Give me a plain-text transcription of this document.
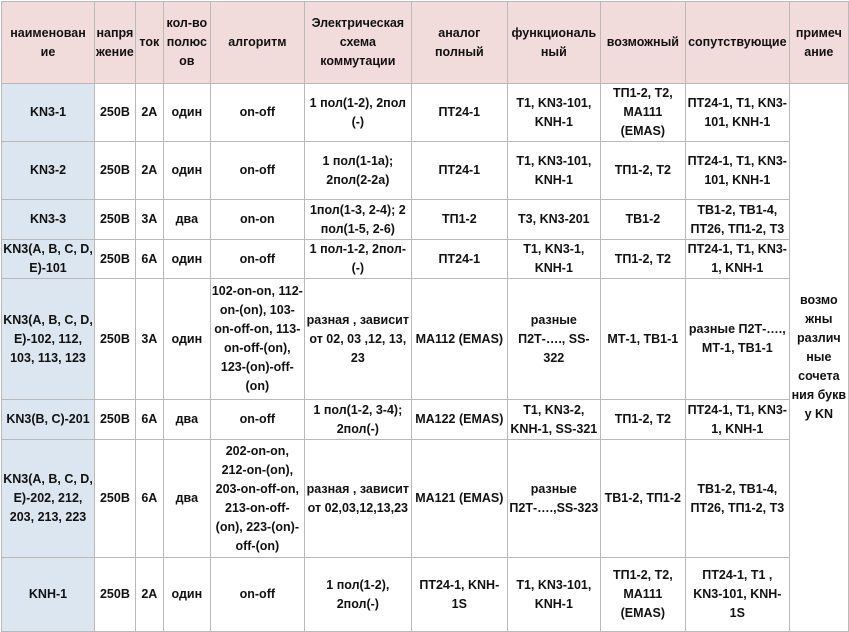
наименован ие	напря жение	ток	кол-во полюс ов	алгоритм	Электрическая схема коммутации	аналог полный	функциональ ный	возможный	сопутствующие	примеч ание
KN3-1	250В	2А	один	on-off	1 пол(1-2), 2пол (-)	ПТ24-1	T1, KN3-101, KNH-1	ТП1-2, Т2, MA111 (EMAS)	ПТ24-1, T1, KN3-101, KNH-1	возмо жны различ ные сочета ния букв у KN
KN3-2	250В	2А	один	on-off	1 пол(1-1а); 2пол(2-2а)	ПТ24-1	T1, KN3-101, KNH-1	ТП1-2, Т2	ПТ24-1, T1, KN3-101, KNH-1	
KN3-3	250В	3А	два	on-on	1пол(1-3, 2-4); 2 пол(1-5, 2-6)	ТП1-2	Т3, KN3-201	ТВ1-2	ТВ1-2, ТВ1-4, ПТ26, ТП1-2, Т3	
KN3(A, B, C, D, E)-101	250В	6А	один	on-off	1 пол-1-2, 2пол-(-)	ПТ24-1	T1, KN3-1, KNH-1	ТП1-2, Т2	ПТ24-1, T1, KN3-1, KNH-1	
KN3(A, B, C, D, E)-102, 112, 103, 113, 123	250В	3А	один	102-on-on, 112-on-(on), 103-on-off-on, 113-on-off-(on), 123-(on)-off-(on)	разная , зависит от 02, 03 ,12, 13, 23	MA112 (EMAS)	разные П2Т-…., SS-322	МТ-1, ТВ1-1	разные П2Т-…., МТ-1, ТВ1-1	
KN3(B, C)-201	250В	6А	два	on-off	1 пол(1-2, 3-4); 2пол(-)	MA122 (EMAS)	T1, KN3-2, KNH-1, SS-321	ТП1-2, Т2	ПТ24-1, T1, KN3-1, KNH-1	
KN3(A, B, C, D, E)-202, 212, 203, 213, 223	250В	6А	два	202-on-on, 212-on-(on), 203-on-off-on, 213-on-off-(on), 223-(on)-off-(on)	разная , зависит от 02,03,12,13,23	MA121 (EMAS)	разные П2Т-….,SS-323	ТВ1-2, ТП1-2	ТВ1-2, ТВ1-4, ПТ26, ТП1-2, Т3	
KNH-1	250В	2А	один	on-off	1 пол(1-2), 2пол(-)	ПТ24-1, KNH-1S	T1, KN3-101, KNH-1	ТП1-2, Т2, MA111 (EMAS)	ПТ24-1, T1 , KN3-101, KNH-1S	
